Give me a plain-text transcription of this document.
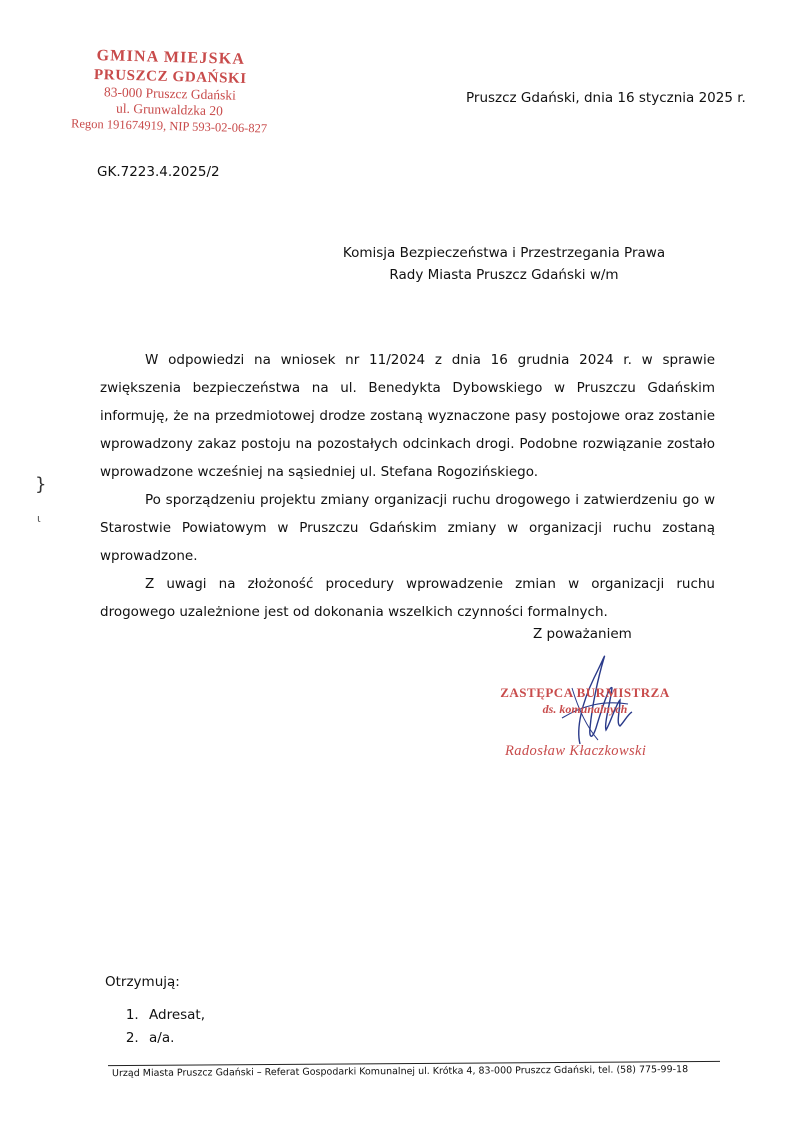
GMINA MIEJSKA
PRUSZCZ GDAŃSKI
83-000 Pruszcz Gdański
ul. Grunwaldzka 20
Regon 191674919, NIP 593-02-06-827
Pruszcz Gdański, dnia 16 stycznia 2025 r.
GK.7223.4.2025/2
Komisja Bezpieczeństwa i Przestrzegania Prawa
Rady Miasta Pruszcz Gdański w/m
}
ι

W odpowiedzi na wniosek nr 11/2024 z dnia 16 grudnia 2024 r. w sprawie zwiększenia bezpieczeństwa na ul. Benedykta Dybowskiego w Pruszczu Gdańskim informuję, że na przedmiotowej drodze zostaną wyznaczone pasy postojowe oraz zostanie wprowadzony zakaz postoju na pozostałych odcinkach drogi. Podobne rozwiązanie zostało wprowadzone wcześniej na sąsiedniej ul. Stefana Rogozińskiego.

Po sporządzeniu projektu zmiany organizacji ruchu drogowego i zatwierdzeniu go w Starostwie Powiatowym w Pruszczu Gdańskim zmiany w organizacji ruchu zostaną wprowadzone.

Z uwagi na złożoność procedury wprowadzenie zmian w organizacji ruchu drogowego uzależnione jest od dokonania wszelkich czynności formalnych.

Z poważaniem
ZASTĘPCA BURMISTRZA
ds. komunalnych
Radosław Kłaczkowski
Otrzymują:
1. Adresat,
2. a/a.
Urząd Miasta Pruszcz Gdański – Referat Gospodarki Komunalnej ul. Krótka 4, 83-000 Pruszcz Gdański, tel. (58) 775-99-18
